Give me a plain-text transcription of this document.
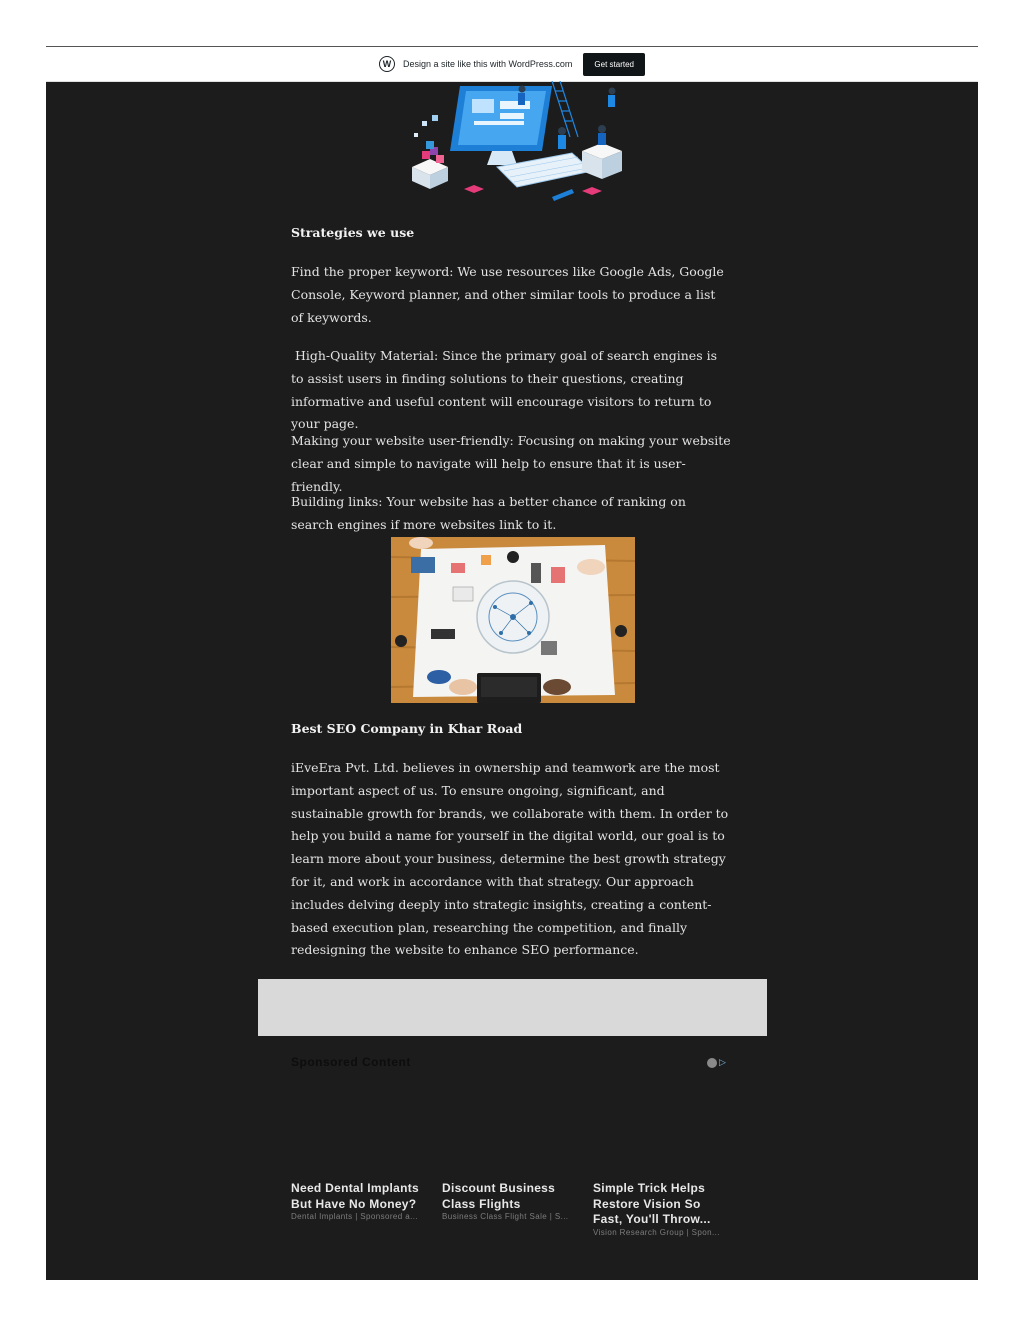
W	Design a site like this with WordPress.com	Get started

Strategies we use

Find the proper keyword: We use resources like Google Ads, Google Console, Keyword planner, and other similar tools to produce a list of keywords.

High-Quality Material: Since the primary goal of search engines is to assist users in finding solutions to their questions, creating informative and useful content will encourage visitors to return to your page.

Making your website user-friendly: Focusing on making your website clear and simple to navigate will help to ensure that it is user-friendly.

Building links: Your website has a better chance of ranking on search engines if more websites link to it.

Best SEO Company in Khar Road

iEveEra Pvt. Ltd. believes in ownership and teamwork are the most important aspect of us. To ensure ongoing, significant, and sustainable growth for brands, we collaborate with them. In order to help you build a name for yourself in the digital world, our goal is to learn more about your business, determine the best growth strategy for it, and work in accordance with that strategy. Our approach includes delving deeply into strategic insights, creating a content-based execution plan, researching the competition, and finally redesigning the website to enhance SEO performance.

Sponsored Content	▷
Need Dental Implants But Have No Money?
Dental Implants | Sponsored a...
Discount Business Class Flights
Business Class Flight Sale | S...
Simple Trick Helps Restore Vision So Fast, You'll Throw...
Vision Research Group | Spon...
